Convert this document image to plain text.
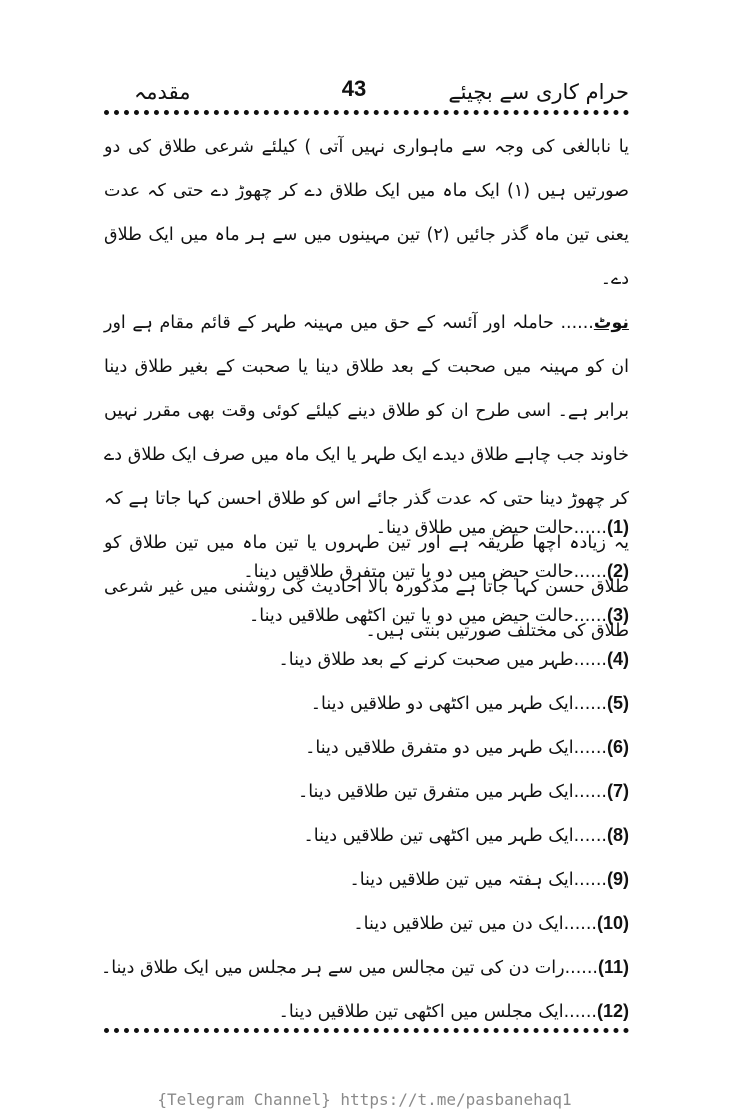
حرام کاری سے بچیئے
43
مقدمہ

یا نابالغی کی وجہ سے ماہواری نہیں آتی ) کیلئے شرعی طلاق کی دو صورتیں ہیں (۱) ایک ماہ میں ایک طلاق دے کر چھوڑ دے حتی کہ عدت یعنی تین ماہ گذر جائیں (۲) تین مہینوں میں سے ہر ماہ میں ایک طلاق دے۔

نوٹ...... حاملہ اور آئسہ کے حق میں مہینہ طہر کے قائم مقام ہے اور ان کو مہینہ میں صحبت کے بعد طلاق دینا یا صحبت کے بغیر طلاق دینا برابر ہے۔ اسی طرح ان کو طلاق دینے کیلئے کوئی وقت بھی مقرر نہیں خاوند جب چاہے طلاق دیدے ایک طہر یا ایک ماہ میں صرف ایک طلاق دے کر چھوڑ دینا حتی کہ عدت گذر جائے اس کو طلاق احسن کہا جاتا ہے کہ یہ زیادہ اچھا طریقہ ہے اور تین طہروں یا تین ماہ میں تین طلاق کو طلاق حسن کہا جاتا ہے مذکورہ بالا احادیث کی روشنی میں غیر شرعی طلاق کی مختلف صورتیں بنتی ہیں۔

(1)......حالت حیض میں طلاق دینا۔
(2)......حالت حیض میں دو یا تین متفرق طلاقیں دینا۔
(3)......حالت حیض میں دو یا تین اکٹھی طلاقیں دینا۔
(4)......طہر میں صحبت کرنے کے بعد طلاق دینا۔
(5)......ایک طہر میں اکٹھی دو طلاقیں دینا۔
(6)......ایک طہر میں دو متفرق طلاقیں دینا۔
(7)......ایک طہر میں متفرق تین طلاقیں دینا۔
(8)......ایک طہر میں اکٹھی تین طلاقیں دینا۔
(9)......ایک ہفتہ میں تین طلاقیں دینا۔
(10)......ایک دن میں تین طلاقیں دینا۔
(11)......رات دن کی تین مجالس میں سے ہر مجلس میں ایک طلاق دینا۔
(12)......ایک مجلس میں اکٹھی تین طلاقیں دینا۔
{Telegram Channel} https://t.me/pasbanehaq1
